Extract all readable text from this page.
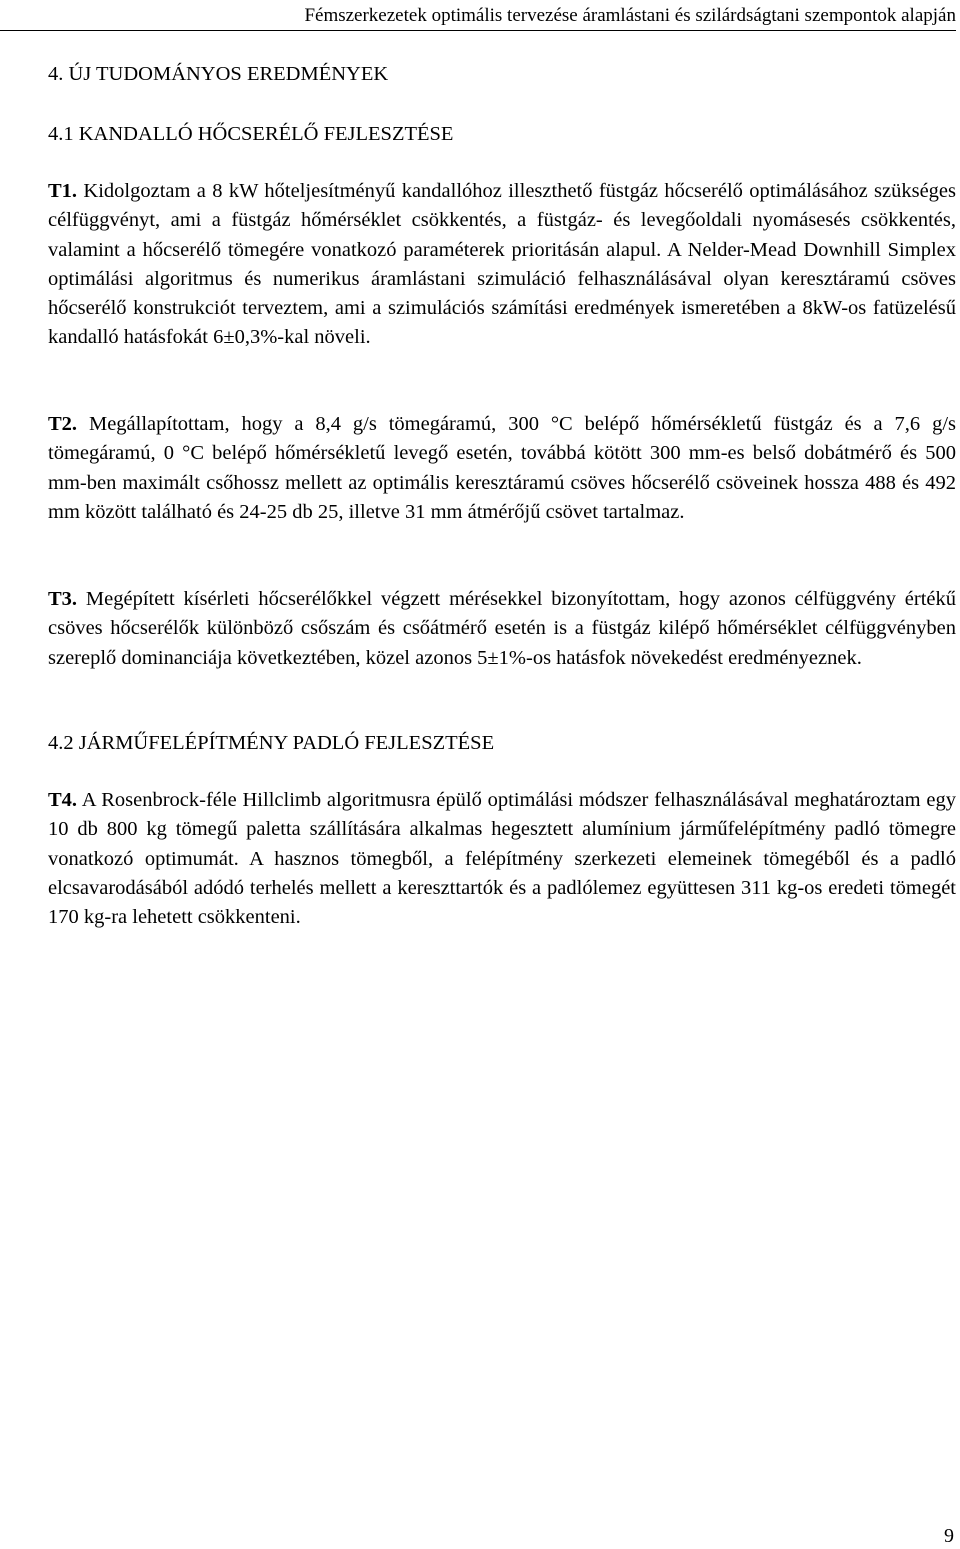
Fémszerkezetek optimális tervezése áramlástani és szilárdságtani szempontok alapján
4. ÚJ TUDOMÁNYOS EREDMÉNYEK
4.1 KANDALLÓ HŐCSERÉLŐ FEJLESZTÉSE

T1. Kidolgoztam a 8 kW hőteljesítményű kandallóhoz illeszthető füstgáz hőcserélő optimálásához szükséges célfüggvényt, ami a füstgáz hőmérséklet csökkentés, a füstgáz- és levegőoldali nyomásesés csökkentés, valamint a hőcserélő tömegére vonatkozó paraméterek prioritásán alapul. A Nelder-Mead Downhill Simplex optimálási algoritmus és numerikus áramlástani szimuláció felhasználásával olyan keresztáramú csöves hőcserélő konstrukciót terveztem, ami a szimulációs számítási eredmények ismeretében a 8kW-os fatüzelésű kandalló hatásfokát 6±0,3%-kal növeli.

T2. Megállapítottam, hogy a 8,4 g/s tömegáramú, 300 °C belépő hőmérsékletű füstgáz és a 7,6 g/s tömegáramú, 0 °C belépő hőmérsékletű levegő esetén, továbbá kötött 300 mm-es belső dobátmérő és 500 mm-ben maximált csőhossz mellett az optimális keresztáramú csöves hőcserélő csöveinek hossza 488 és 492 mm között található és 24-25 db 25, illetve 31 mm átmérőjű csövet tartalmaz.

T3. Megépített kísérleti hőcserélőkkel végzett mérésekkel bizonyítottam, hogy azonos célfüggvény értékű csöves hőcserélők különböző csőszám és csőátmérő esetén is a füstgáz kilépő hőmérséklet célfüggvényben szereplő dominanciája következtében, közel azonos 5±1%-os hatásfok növekedést eredményeznek.

4.2 JÁRMŰFELÉPÍTMÉNY PADLÓ FEJLESZTÉSE

T4. A Rosenbrock-féle Hillclimb algoritmusra épülő optimálási módszer felhasználásával meghatároztam egy 10 db 800 kg tömegű paletta szállítására alkalmas hegesztett alumínium járműfelépítmény padló tömegre vonatkozó optimumát. A hasznos tömegből, a felépítmény szerkezeti elemeinek tömegéből és a padló elcsavarodásából adódó terhelés mellett a kereszttartók és a padlólemez együttesen 311 kg-os eredeti tömegét 170 kg-ra lehetett csökkenteni.

9
